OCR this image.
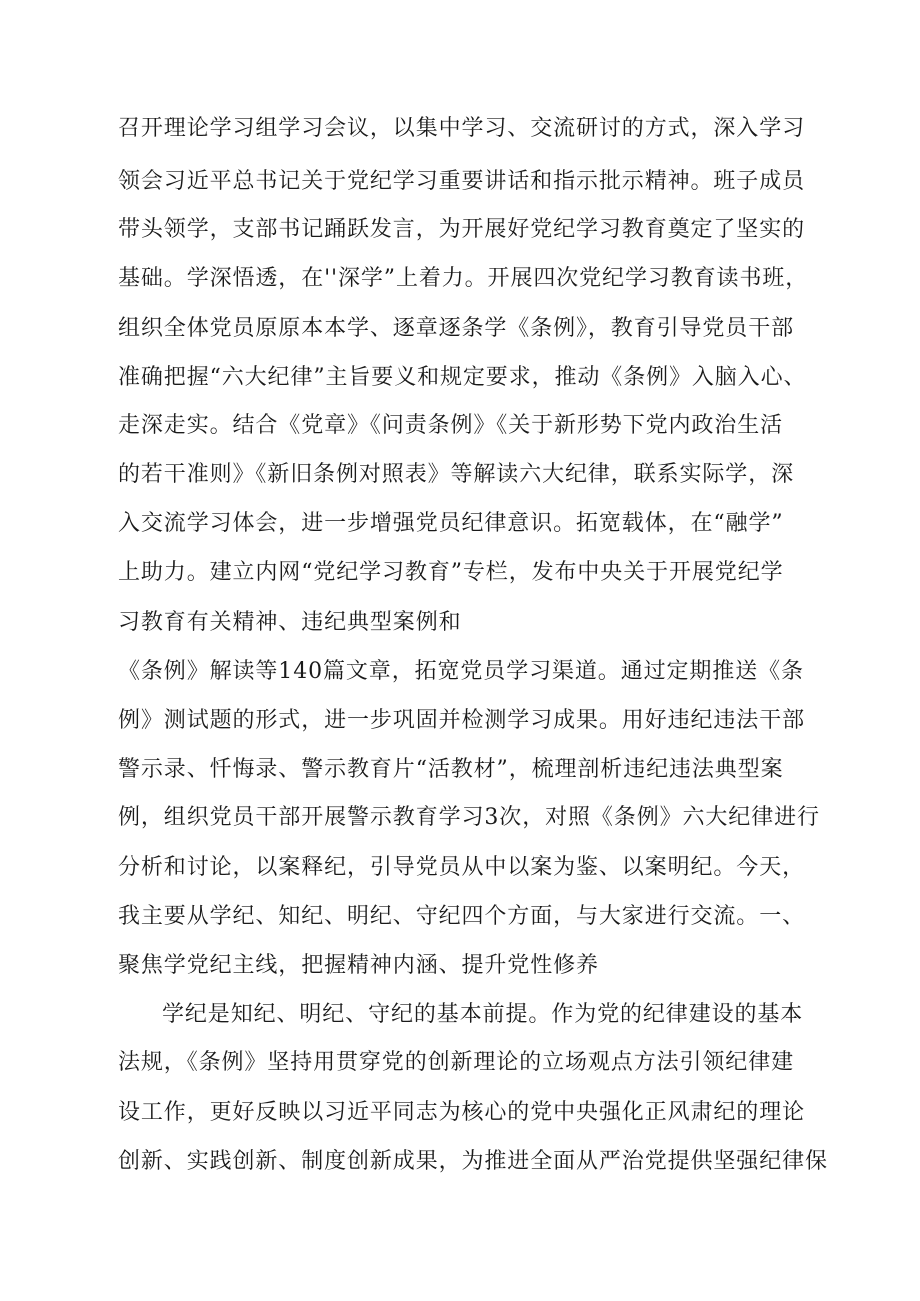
召开理论学习组学习会议，以集中学习、交流研讨的方式，深入学习

领会习近平总书记关于党纪学习重要讲话和指示批示精神。班子成员

带头领学，支部书记踊跃发言，为开展好党纪学习教育奠定了坚实的

基础。学深悟透，在''深学”上着力。开展四次党纪学习教育读书班，

组织全体党员原原本本学、逐章逐条学《条例》，教育引导党员干部

准确把握“六大纪律”主旨要义和规定要求，推动《条例》入脑入心、

走深走实。结合《党章》《问责条例》《关于新形势下党内政治生活

的若干准则》《新旧条例对照表》等解读六大纪律，联系实际学，深

入交流学习体会，进一步增强党员纪律意识。拓宽载体，在“融学”

上助力。建立内网“党纪学习教育”专栏，发布中央关于开展党纪学

习教育有关精神、违纪典型案例和

《条例》解读等140篇文章，拓宽党员学习渠道。通过定期推送《条

例》测试题的形式，进一步巩固并检测学习成果。用好违纪违法干部

警示录、忏悔录、警示教育片“活教材”，梳理剖析违纪违法典型案

例，组织党员干部开展警示教育学习3次，对照《条例》六大纪律进行

分析和讨论，以案释纪，引导党员从中以案为鉴、以案明纪。今天，

我主要从学纪、知纪、明纪、守纪四个方面，与大家进行交流。一、

聚焦学党纪主线，把握精神内涵、提升党性修养

学纪是知纪、明纪、守纪的基本前提。作为党的纪律建设的基本

法规，《条例》坚持用贯穿党的创新理论的立场观点方法引领纪律建

设工作，更好反映以习近平同志为核心的党中央强化正风肃纪的理论

创新、实践创新、制度创新成果，为推进全面从严治党提供坚强纪律保
